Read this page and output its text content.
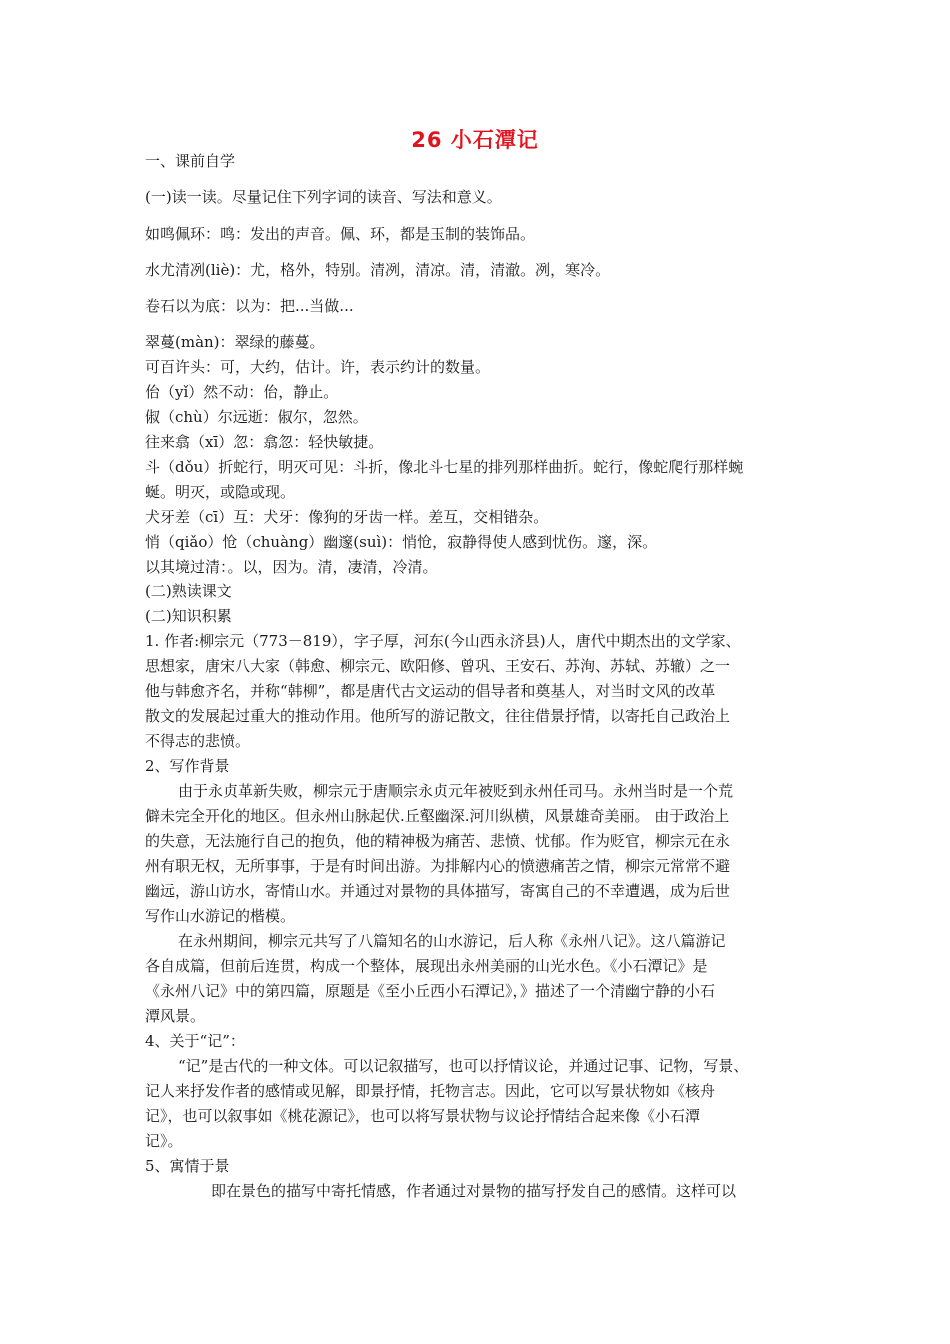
26 小石潭记
一、课前自学
(一)读一读。尽量记住下列字词的读音、写法和意义。
如鸣佩环：鸣：发出的声音。佩、环，都是玉制的装饰品。
水尤清冽(liè)：尤，格外，特别。清冽，清凉。清，清澈。冽，寒冷。
卷石以为底：以为：把...当做...
翠蔓(màn)：翠绿的藤蔓。
可百许头：可，大约，估计。许，表示约计的数量。
佁（yǐ）然不动：佁，静止。
俶（chù）尔远逝：俶尔，忽然。
往来翕（xī）忽：翕忽：轻快敏捷。
斗（dǒu）折蛇行，明灭可见：斗折，像北斗七星的排列那样曲折。蛇行，像蛇爬行那样蜿
蜒。明灭，或隐或现。
犬牙差（cī）互：犬牙：像狗的牙齿一样。差互，交相错杂。
悄（qiǎo）怆（chuàng）幽邃(suì)：悄怆，寂静得使人感到忧伤。邃，深。
以其境过清：。以，因为。清，凄清，冷清。
(二)熟读课文
(二)知识积累
1. 作者:柳宗元（773－819），字子厚，河东(今山西永济县)人，唐代中期杰出的文学家、
思想家，唐宋八大家（韩愈、柳宗元、欧阳修、曾巩、王安石、苏洵、苏轼、苏辙）之一
他与韩愈齐名，并称“韩柳”，都是唐代古文运动的倡导者和奠基人，对当时文风的改革
散文的发展起过重大的推动作用。他所写的游记散文，往往借景抒情，以寄托自己政治上
不得志的悲愤。
2、写作背景
由于永贞革新失败，柳宗元于唐顺宗永贞元年被贬到永州任司马。永州当时是一个荒
僻未完全开化的地区。但永州山脉起伏.丘壑幽深.河川纵横，风景雄奇美丽。 由于政治上
的失意，无法施行自己的抱负，他的精神极为痛苦、悲愤、忧郁。作为贬官，柳宗元在永
州有职无权，无所事事，于是有时间出游。为排解内心的愤懑痛苦之情，柳宗元常常不避
幽远，游山访水，寄情山水。并通过对景物的具体描写，寄寓自己的不幸遭遇，成为后世
写作山水游记的楷模。
在永州期间，柳宗元共写了八篇知名的山水游记，后人称《永州八记》。这八篇游记
各自成篇，但前后连贯，构成一个整体，展现出永州美丽的山光水色。《小石潭记》是
《永州八记》中的第四篇，原题是《至小丘西小石潭记》，》描述了一个清幽宁静的小石
潭风景。
4、关于“记”：
“记”是古代的一种文体。可以记叙描写，也可以抒情议论，并通过记事、记物，写景、
记人来抒发作者的感情或见解，即景抒情，托物言志。因此，它可以写景状物如《核舟
记》，也可以叙事如《桃花源记》，也可以将写景状物与议论抒情结合起来像《小石潭
记》。
5、寓情于景
即在景色的描写中寄托情感，作者通过对景物的描写抒发自己的感情。这样可以
